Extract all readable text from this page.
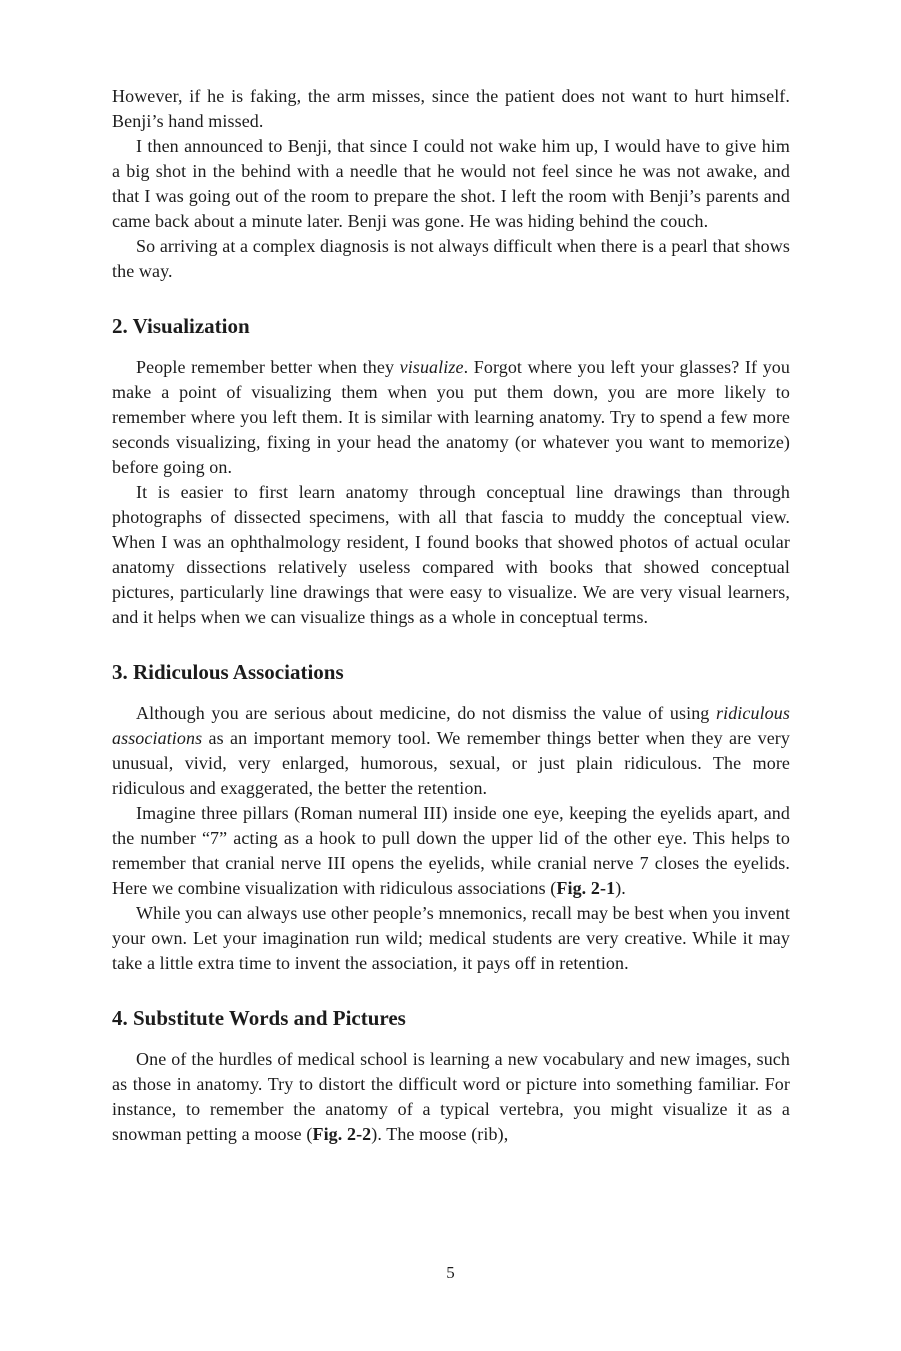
However, if he is faking, the arm misses, since the patient does not want to hurt himself. Benji’s hand missed.

I then announced to Benji, that since I could not wake him up, I would have to give him a big shot in the behind with a needle that he would not feel since he was not awake, and that I was going out of the room to prepare the shot. I left the room with Benji’s parents and came back about a minute later. Benji was gone. He was hiding behind the couch.

So arriving at a complex diagnosis is not always difficult when there is a pearl that shows the way.

2. Visualization

People remember better when they visualize. Forgot where you left your glasses? If you make a point of visualizing them when you put them down, you are more likely to remember where you left them. It is similar with learning anatomy. Try to spend a few more seconds visualizing, fixing in your head the anatomy (or whatever you want to memorize) before going on.

It is easier to first learn anatomy through conceptual line drawings than through photographs of dissected specimens, with all that fascia to muddy the conceptual view. When I was an ophthalmology resident, I found books that showed photos of actual ocular anatomy dissections relatively useless compared with books that showed conceptual pictures, particularly line drawings that were easy to visualize. We are very visual learners, and it helps when we can visualize things as a whole in conceptual terms.

3. Ridiculous Associations

Although you are serious about medicine, do not dismiss the value of using ridiculous associations as an important memory tool. We remember things better when they are very unusual, vivid, very enlarged, humorous, sexual, or just plain ridiculous. The more ridiculous and exaggerated, the better the retention.

Imagine three pillars (Roman numeral III) inside one eye, keeping the eyelids apart, and the number “7” acting as a hook to pull down the upper lid of the other eye. This helps to remember that cranial nerve III opens the eyelids, while cranial nerve 7 closes the eyelids. Here we combine visualization with ridiculous associations (Fig. 2-1).

While you can always use other people’s mnemonics, recall may be best when you invent your own. Let your imagination run wild; medical students are very creative. While it may take a little extra time to invent the association, it pays off in retention.

4. Substitute Words and Pictures

One of the hurdles of medical school is learning a new vocabulary and new images, such as those in anatomy. Try to distort the difficult word or picture into something familiar. For instance, to remember the anatomy of a typical vertebra, you might visualize it as a snowman petting a moose (Fig. 2-2). The moose (rib),

5
